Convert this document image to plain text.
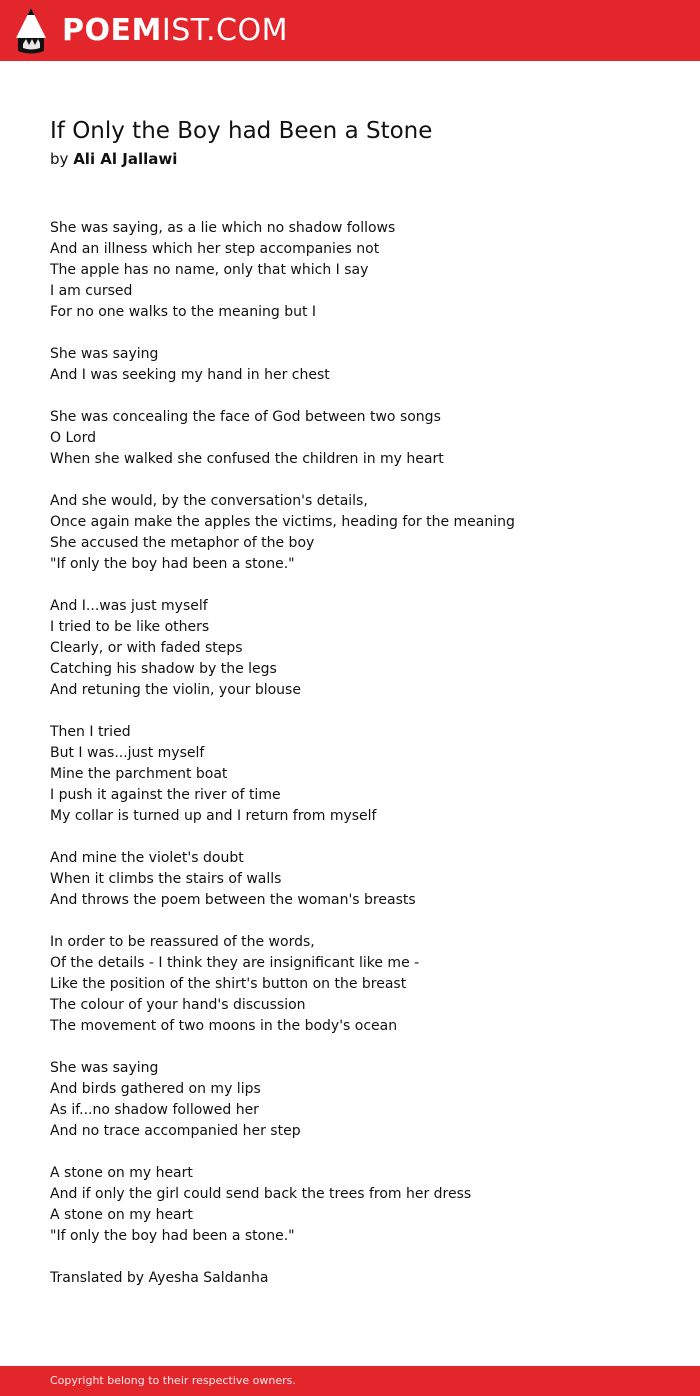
POEMIST.COM
If Only the Boy had Been a Stone
by Ali Al Jallawi
She was saying, as a lie which no shadow follows
And an illness which her step accompanies not
The apple has no name, only that which I say
I am cursed
For no one walks to the meaning but I
She was saying
And I was seeking my hand in her chest
She was concealing the face of God between two songs
O Lord
When she walked she confused the children in my heart
And she would, by the conversation's details,
Once again make the apples the victims, heading for the meaning
She accused the metaphor of the boy
"If only the boy had been a stone."
And I...was just myself
I tried to be like others
Clearly, or with faded steps
Catching his shadow by the legs
And retuning the violin, your blouse
Then I tried
But I was...just myself
Mine the parchment boat
I push it against the river of time
My collar is turned up and I return from myself
And mine the violet's doubt
When it climbs the stairs of walls
And throws the poem between the woman's breasts
In order to be reassured of the words,
Of the details - I think they are insignificant like me -
Like the position of the shirt's button on the breast
The colour of your hand's discussion
The movement of two moons in the body's ocean
She was saying
And birds gathered on my lips
As if...no shadow followed her
And no trace accompanied her step
A stone on my heart
And if only the girl could send back the trees from her dress
A stone on my heart
"If only the boy had been a stone."
Translated by Ayesha Saldanha
Copyright belong to their respective owners.
